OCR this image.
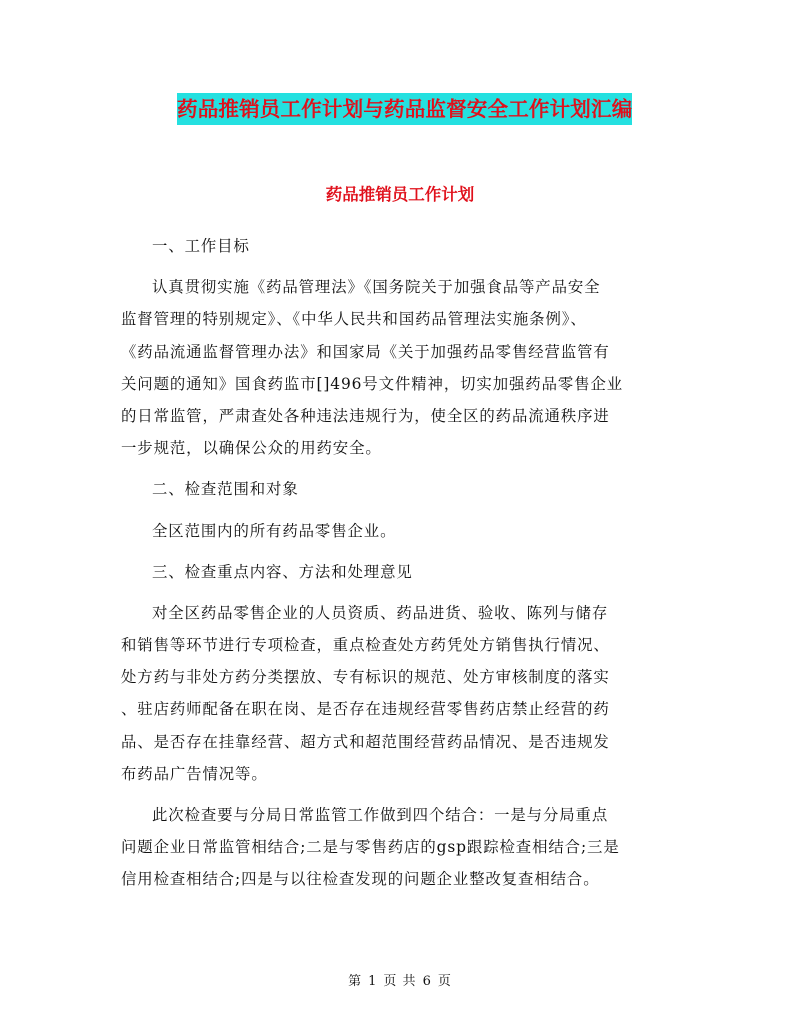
药品推销员工作计划与药品监督安全工作计划汇编
药品推销员工作计划
一、工作目标
认真贯彻实施《药品管理法》《国务院关于加强食品等产品安全
监督管理的特别规定》、《中华人民共和国药品管理法实施条例》、
《药品流通监督管理办法》和国家局《关于加强药品零售经营监管有
关问题的通知》国食药监市[]496号文件精神，切实加强药品零售企业
的日常监管，严肃查处各种违法违规行为，使全区的药品流通秩序进
一步规范，以确保公众的用药安全。
二、检查范围和对象
全区范围内的所有药品零售企业。
三、检查重点内容、方法和处理意见
对全区药品零售企业的人员资质、药品进货、验收、陈列与储存
和销售等环节进行专项检查，重点检查处方药凭处方销售执行情况、
处方药与非处方药分类摆放、专有标识的规范、处方审核制度的落实
、驻店药师配备在职在岗、是否存在违规经营零售药店禁止经营的药
品、是否存在挂靠经营、超方式和超范围经营药品情况、是否违规发
布药品广告情况等。
此次检查要与分局日常监管工作做到四个结合：一是与分局重点
问题企业日常监管相结合;二是与零售药店的gsp跟踪检查相结合;三是
信用检查相结合;四是与以往检查发现的问题企业整改复查相结合。
第 1 页 共 6 页
